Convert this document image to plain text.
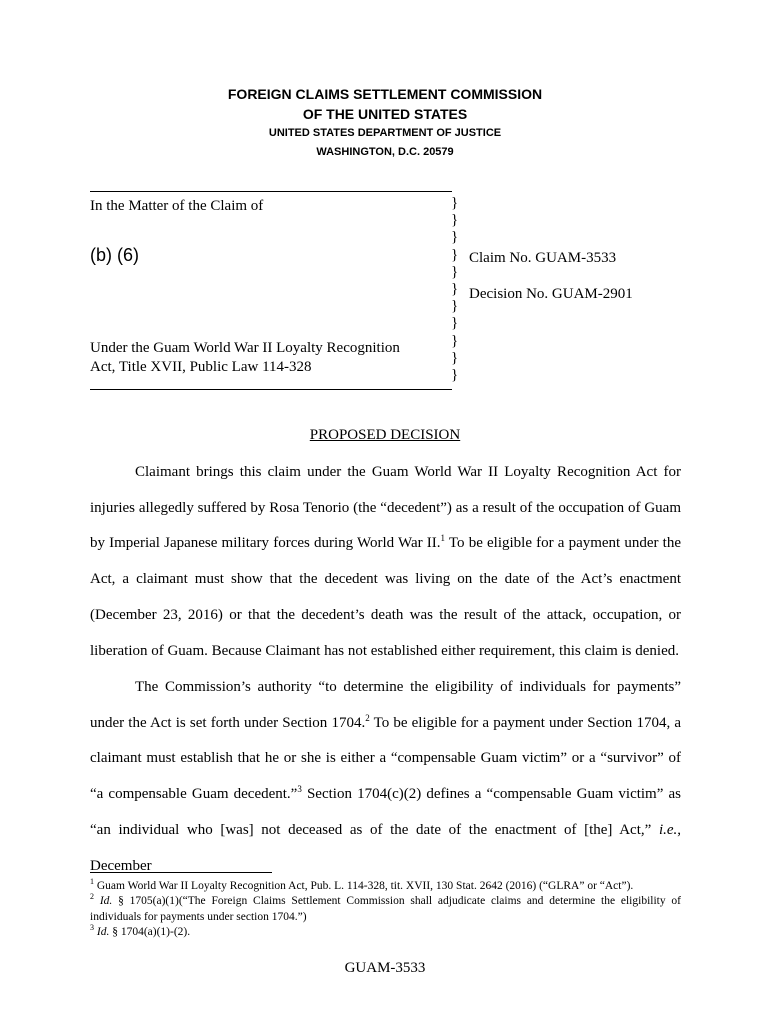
FOREIGN CLAIMS SETTLEMENT COMMISSION
OF THE UNITED STATES
UNITED STATES DEPARTMENT OF JUSTICE
WASHINGTON, D.C. 20579
In the Matter of the Claim of
(b) (6)
Under the Guam World War II Loyalty Recognition
Act, Title XVII, Public Law 114-328
}
}
}
}
}
}
}
}
}
}
}
Claim No. GUAM-3533
Decision No. GUAM-2901
PROPOSED DECISION
Claimant brings this claim under the Guam World War II Loyalty Recognition Act for injuries allegedly suffered by Rosa Tenorio (the “decedent”) as a result of the occupation of Guam by Imperial Japanese military forces during World War II.$^1$ To be eligible for a payment under the Act, a claimant must show that the decedent was living on the date of the Act’s enactment (December 23, 2016) or that the decedent’s death was the result of the attack, occupation, or liberation of Guam. Because Claimant has not established either requirement, this claim is denied.
The Commission’s authority “to determine the eligibility of individuals for payments” under the Act is set forth under Section 1704.$^2$ To be eligible for a payment under Section 1704, a claimant must establish that he or she is either a “compensable Guam victim” or a “survivor” of “a compensable Guam decedent.”$^3$ Section 1704(c)(2) defines a “compensable Guam victim” as “an individual who [was] not deceased as of the date of the enactment of [the] Act,” i.e., December

$^1$ Guam World War II Loyalty Recognition Act, Pub. L. 114-328, tit. XVII, 130 Stat. 2642 (2016) (“GLRA” or “Act”).

$^2$ Id. § 1705(a)(1)(“The Foreign Claims Settlement Commission shall adjudicate claims and determine the eligibility of individuals for payments under section 1704.”)

$^3$ Id. § 1704(a)(1)-(2).

GUAM-3533
